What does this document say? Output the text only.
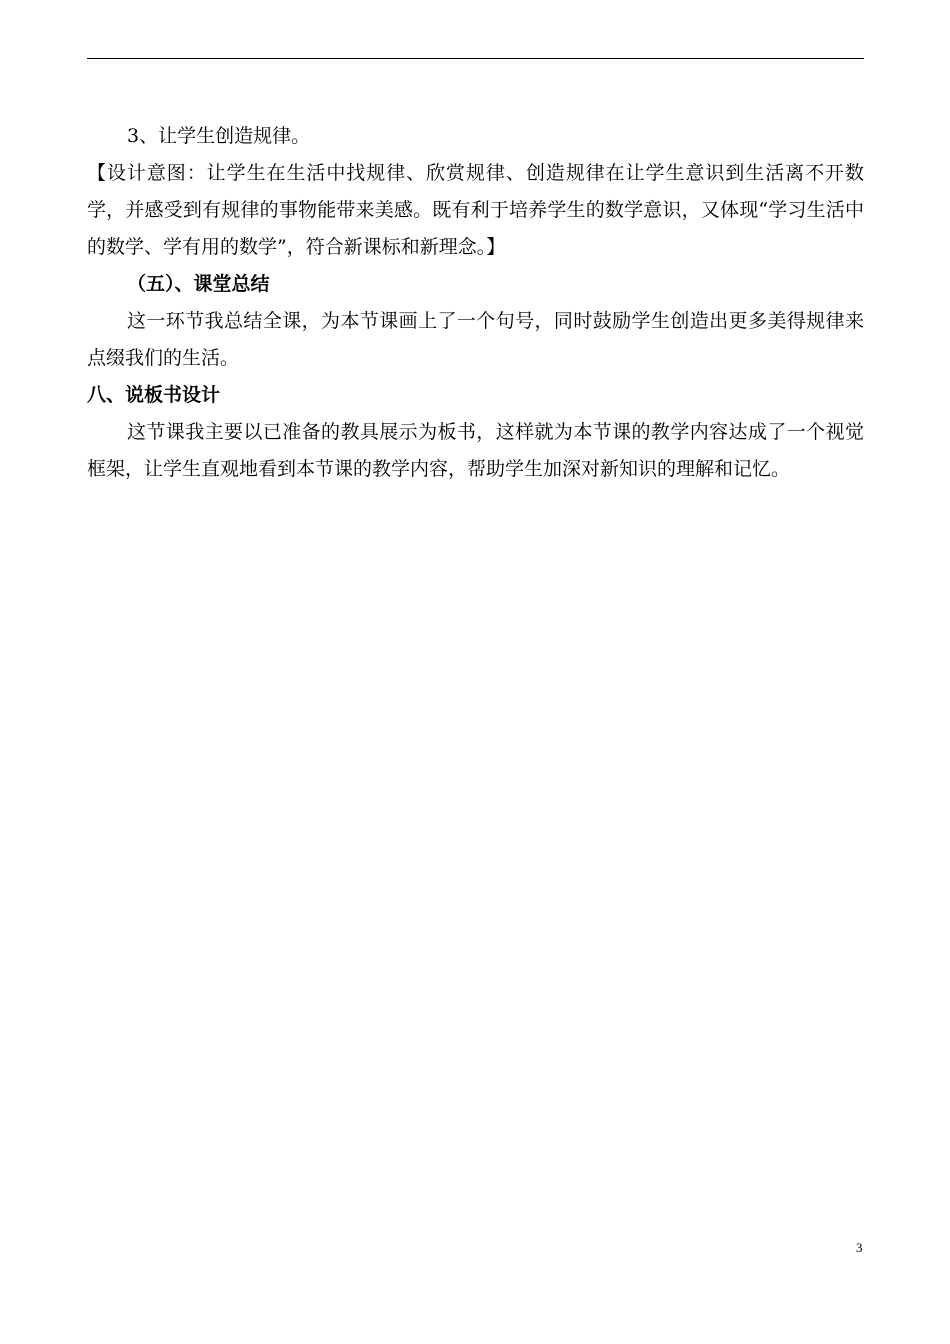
3、让学生创造规律。

【设计意图：让学生在生活中找规律、欣赏规律、创造规律在让学生意识到生活离不开数学，并感受到有规律的事物能带来美感。既有利于培养学生的数学意识，又体现“学习生活中的数学、学有用的数学”，符合新课标和新理念。】

（五）、课堂总结

这一环节我总结全课，为本节课画上了一个句号，同时鼓励学生创造出更多美得规律来点缀我们的生活。

八、说板书设计

这节课我主要以已准备的教具展示为板书，这样就为本节课的教学内容达成了一个视觉框架，让学生直观地看到本节课的教学内容，帮助学生加深对新知识的理解和记忆。

3
